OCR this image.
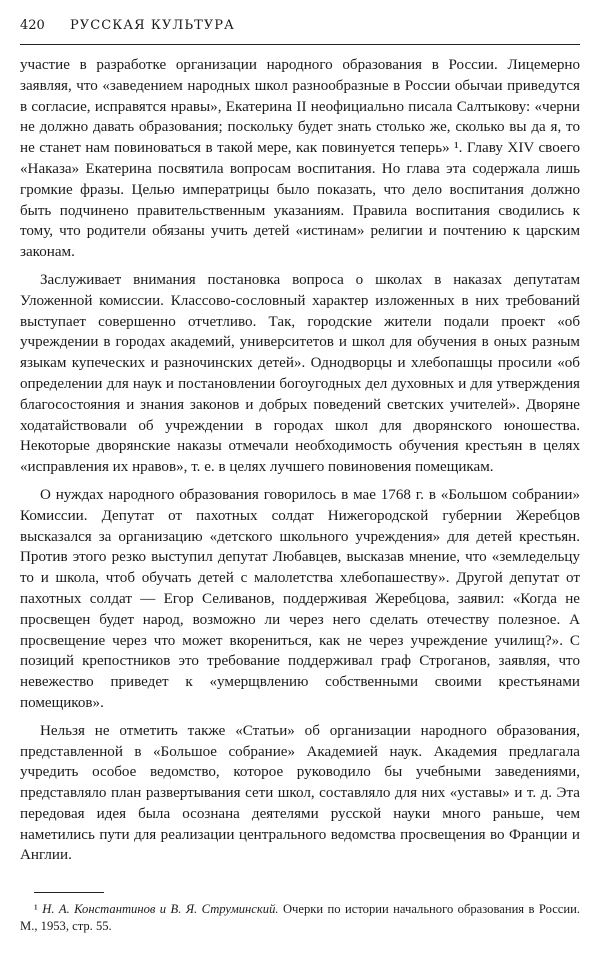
420	РУССКАЯ КУЛЬТУРА

участие в разработке организации народного образования в России. Лицемерно заявляя, что «заведением народных школ разнообразные в России обычаи приведутся в согласие, исправятся нравы», Екатерина II неофициально писала Салтыкову: «черни не должно давать образования; поскольку будет знать столько же, сколько вы да я, то не станет нам повиноваться в такой мере, как повинуется теперь» ¹. Главу XIV своего «Наказа» Екатерина посвятила вопросам воспитания. Но глава эта содержала лишь громкие фразы. Целью императрицы было показать, что дело воспитания должно быть подчинено правительственным указаниям. Правила воспитания сводились к тому, что родители обязаны учить детей «истинам» религии и почтению к царским законам.

Заслуживает внимания постановка вопроса о школах в наказах депутатам Уложенной комиссии. Классово-сословный характер изложенных в них требований выступает совершенно отчетливо. Так, городские жители подали проект «об учреждении в городах академий, университетов и школ для обучения в оных разным языкам купеческих и разночинских детей». Однодворцы и хлебопашцы просили «об определении для наук и постановлении богоугодных дел духовных и для утверждения благосостояния и знания законов и добрых поведений светских учителей». Дворяне ходатайствовали об учреждении в городах школ для дворянского юношества. Некоторые дворянские наказы отмечали необходимость обучения крестьян в целях «исправления их нравов», т. е. в целях лучшего повиновения помещикам.

О нуждах народного образования говорилось в мае 1768 г. в «Большом собрании» Комиссии. Депутат от пахотных солдат Нижегородской губернии Жеребцов высказался за организацию «детского школьного учреждения» для детей крестьян. Против этого резко выступил депутат Любавцев, высказав мнение, что «земледельцу то и школа, чтоб обучать детей с малолетства хлебопашеству». Другой депутат от пахотных солдат — Егор Селиванов, поддерживая Жеребцова, заявил: «Когда не просвещен будет народ, возможно ли через него сделать отечеству полезное. А просвещение через что может вкорениться, как не через учреждение училищ?». С позиций крепостников это требование поддерживал граф Строганов, заявляя, что невежество приведет к «умерщвлению собственными своими крестьянами помещиков».

Нельзя не отметить также «Статьи» об организации народного образования, представленной в «Большое собрание» Академией наук. Академия предлагала учредить особое ведомство, которое руководило бы учебными заведениями, представляло план развертывания сети школ, составляло для них «уставы» и т. д. Эта передовая идея была осознана деятелями русской науки много раньше, чем наметились пути для реализации центрального ведомства просвещения во Франции и Англии.

¹ Н. А. Константинов и В. Я. Струминский. Очерки по истории начального образования в России. М., 1953, стр. 55.
